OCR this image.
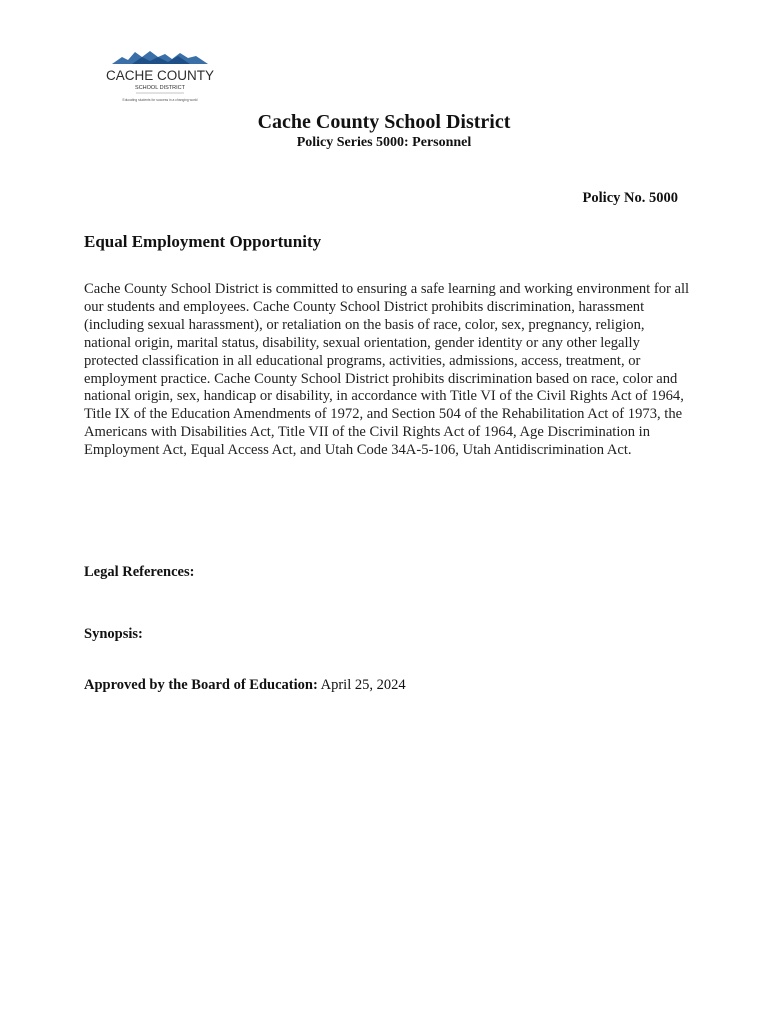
CACHE COUNTY
SCHOOL DISTRICT
Educating students for success in a changing world
Cache County School District
Policy Series 5000: Personnel
Policy No. 5000
Equal Employment Opportunity
Cache County School District is committed to ensuring a safe learning and working environment for all our students and employees. Cache County School District prohibits discrimination, harassment (including sexual harassment), or retaliation on the basis of race, color, sex, pregnancy, religion, national origin, marital status, disability, sexual orientation, gender identity or any other legally protected classification in all educational programs, activities, admissions, access, treatment, or employment practice. Cache County School District prohibits discrimination based on race, color and national origin, sex, handicap or disability, in accordance with Title VI of the Civil Rights Act of 1964, Title IX of the Education Amendments of 1972, and Section 504 of the Rehabilitation Act of 1973, the Americans with Disabilities Act, Title VII of the Civil Rights Act of 1964, Age Discrimination in Employment Act, Equal Access Act, and Utah Code 34A-5-106, Utah Antidiscrimination Act.
Legal References:
Synopsis:
Approved by the Board of Education: April 25, 2024
